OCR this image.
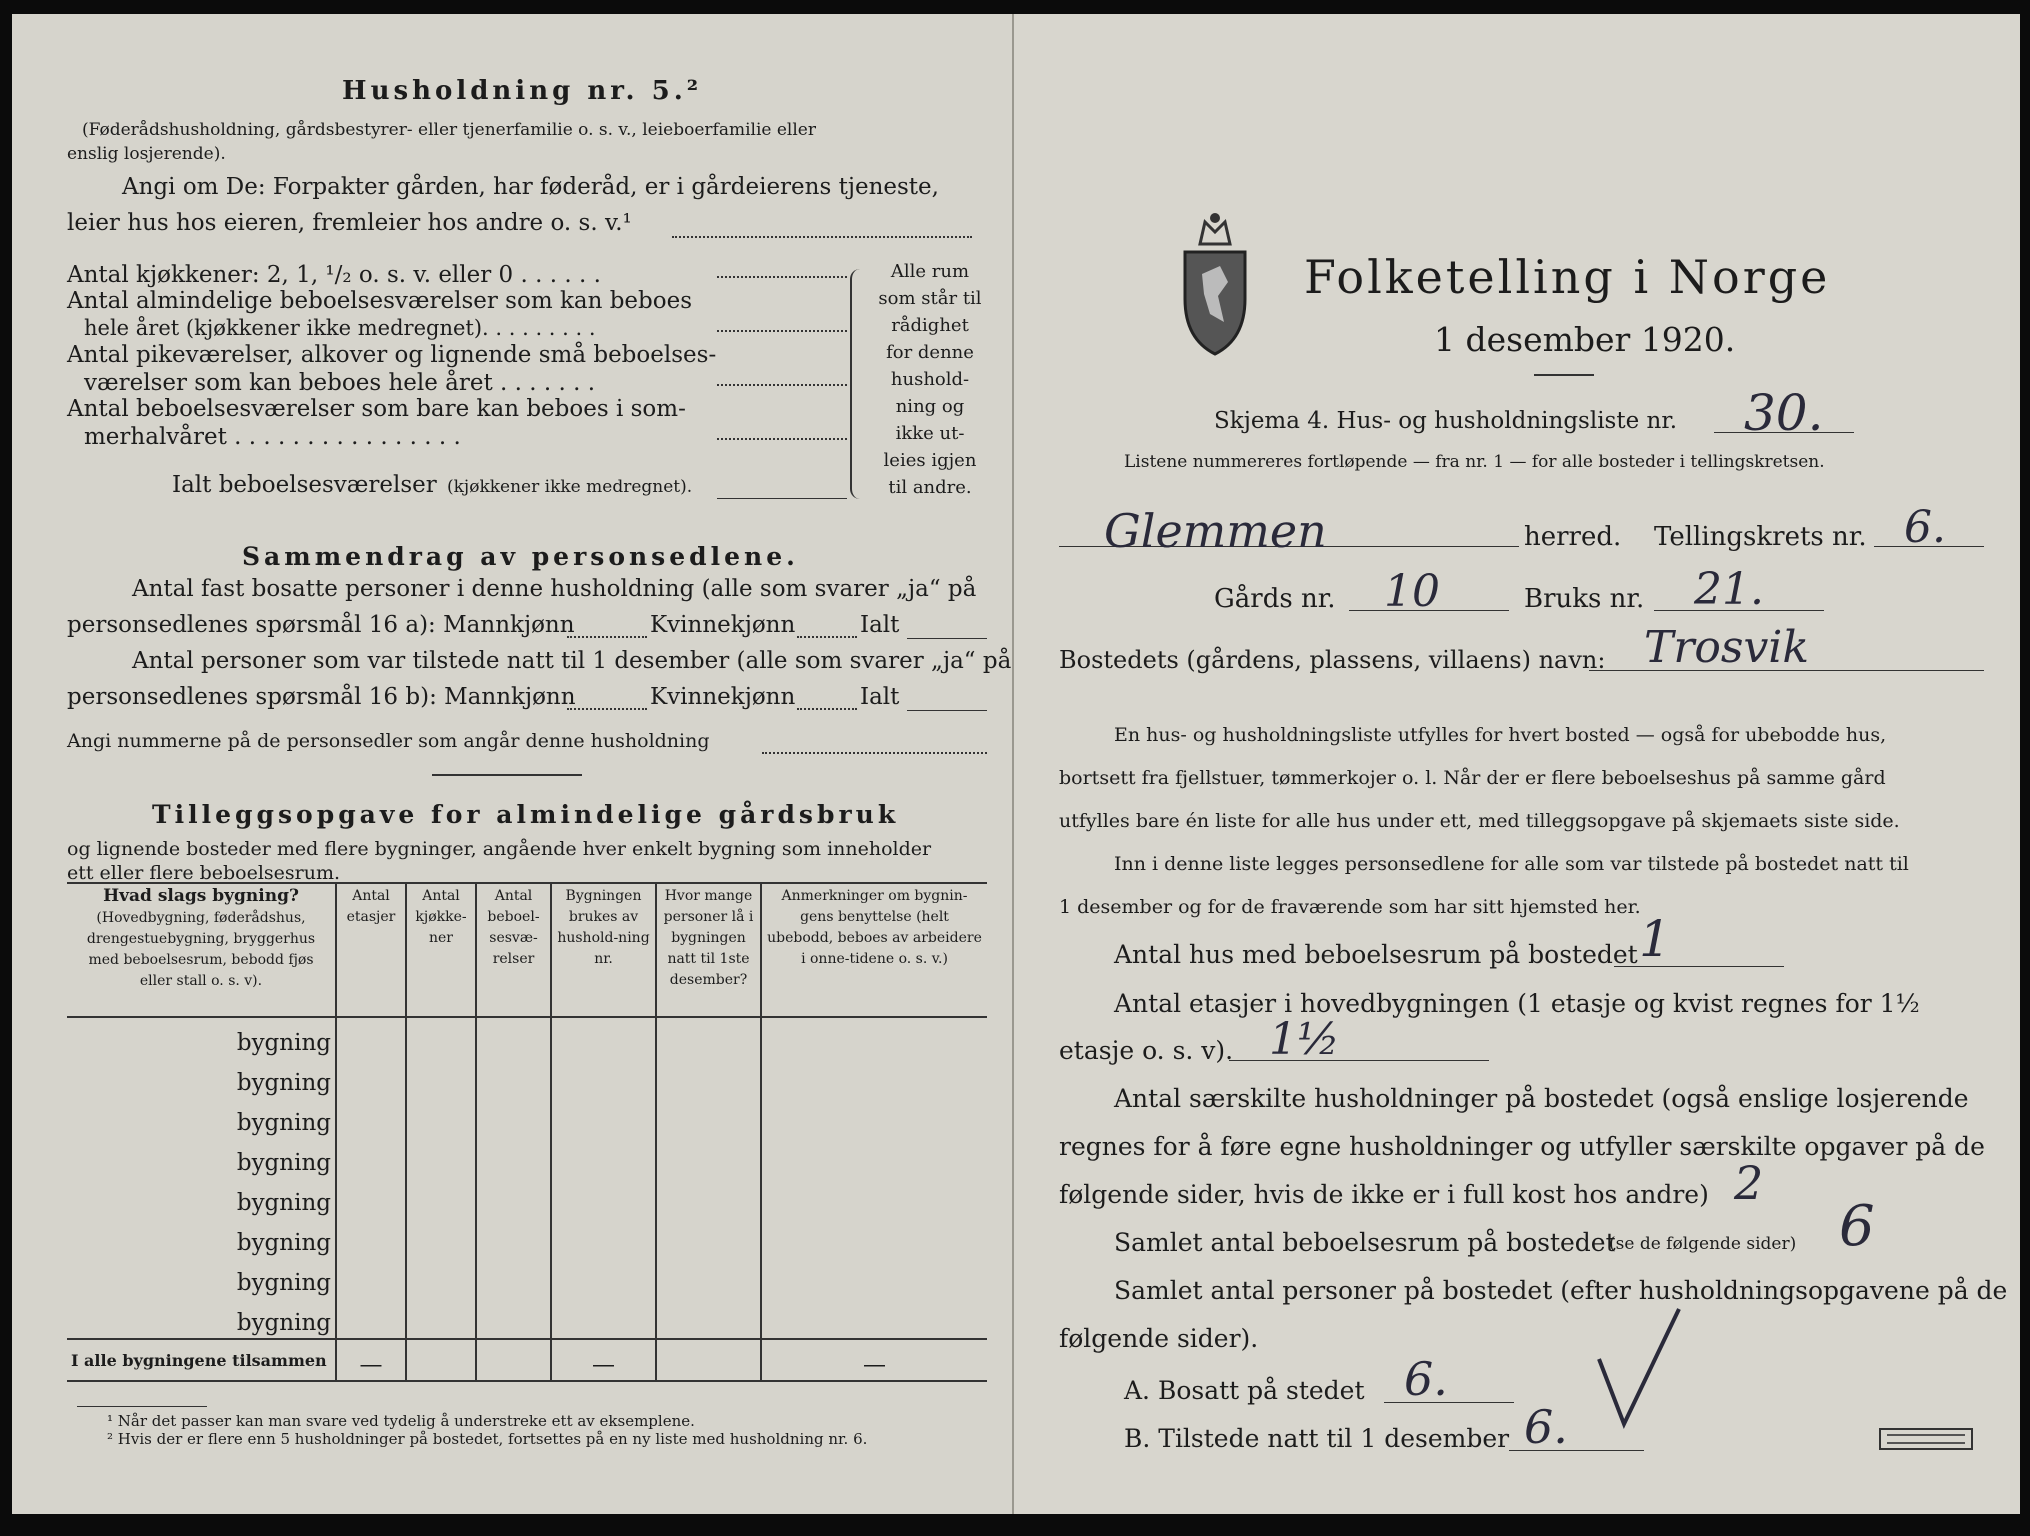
Husholdning nr. 5.²
(Føderådshusholdning, gårdsbestyrer- eller tjenerfamilie o. s. v., leieboerfamilie eller
enslig losjerende).
Angi om De: Forpakter gården, har føderåd, er i gårdeierens tjeneste,
leier hus hos eieren, fremleier hos andre o. s. v.¹
Antal kjøkkener: 2, 1, ¹/₂ o. s. v. eller 0 . . . . . .
Antal almindelige beboelsesværelser som kan beboes
hele året (kjøkkener ikke medregnet). . . . . . . . .
Antal pikeværelser, alkover og lignende små beboelses-
værelser som kan beboes hele året . . . . . . .
Antal beboelsesværelser som bare kan beboes i som-
merhalvåret . . . . . . . . . . . . . . . .
Ialt beboelsesværelser (kjøkkener ikke medregnet).
Alle rum
som står til
rådighet
for denne
hushold-
ning og
ikke ut-
leies igjen
til andre.
Sammendrag av personsedlene.
Antal fast bosatte personer i denne husholdning (alle som svarer „ja“ på
personsedlenes spørsmål 16 a): Mannkjønn	Kvinnekjønn	Ialt
Antal personer som var tilstede natt til 1 desember (alle som svarer „ja“ på
personsedlenes spørsmål 16 b): Mannkjønn	Kvinnekjønn	Ialt
Angi nummerne på de personsedler som angår denne husholdning
Tilleggsopgave for almindelige gårdsbruk
og lignende bosteder med flere bygninger, angående hver enkelt bygning som inneholder
ett eller flere beboelsesrum.
Hvad slags bygning?

(Hovedbygning, føderådshus, drengestuebygning, bryggerhus med beboelsesrum, bebodd fjøs eller stall o. s. v).	Antal etasjer	Antal kjøkke-ner	Antal beboel-sesvæ-relser	Bygningen brukes av hushold-ning nr.	Hvor mange personer lå i bygningen natt til 1ste desember?	Anmerkninger om bygnin-gens benyttelse (helt ubebodd, beboes av arbeidere i onne-tidene o. s. v.)
bygning						
bygning						
bygning						
bygning						
bygning						
bygning						
bygning						
bygning						
I alle bygningene tilsammen	—			—		—
¹ Når det passer kan man svare ved tydelig å understreke ett av eksemplene.
² Hvis der er flere enn 5 husholdninger på bostedet, fortsettes på en ny liste med husholdning nr. 6.
Folketelling i Norge
1 desember 1920.
Skjema 4. Hus- og husholdningsliste nr. 30.
Listene nummereres fortløpende — fra nr. 1 — for alle bosteder i tellingskretsen.
Glemmen	herred. Tellingskrets nr. 6.
Gårds nr. 10	Bruks nr. 21.
Bostedets (gårdens, plassens, villaens) navn: Trosvik
En hus- og husholdningsliste utfylles for hvert bosted — også for ubebodde hus,
bortsett fra fjellstuer, tømmerkojer o. l. Når der er flere beboelseshus på samme gård
utfylles bare én liste for alle hus under ett, med tilleggsopgave på skjemaets siste side.
Inn i denne liste legges personsedlene for alle som var tilstede på bostedet natt til
1 desember og for de fraværende som har sitt hjemsted her.
Antal hus med beboelsesrum på bostedet 1
Antal etasjer i hovedbygningen (1 etasje og kvist regnes for 1½
etasje o. s. v). 1½
Antal særskilte husholdninger på bostedet (også enslige losjerende
regnes for å føre egne husholdninger og utfyller særskilte opgaver på de
følgende sider, hvis de ikke er i full kost hos andre) 2
Samlet antal beboelsesrum på bostedet
(se de følgende sider) 6
Samlet antal personer på bostedet (efter husholdningsopgavene på de
følgende sider).
A. Bosatt på stedet 6.
B. Tilstede natt til 1 desember 6.
